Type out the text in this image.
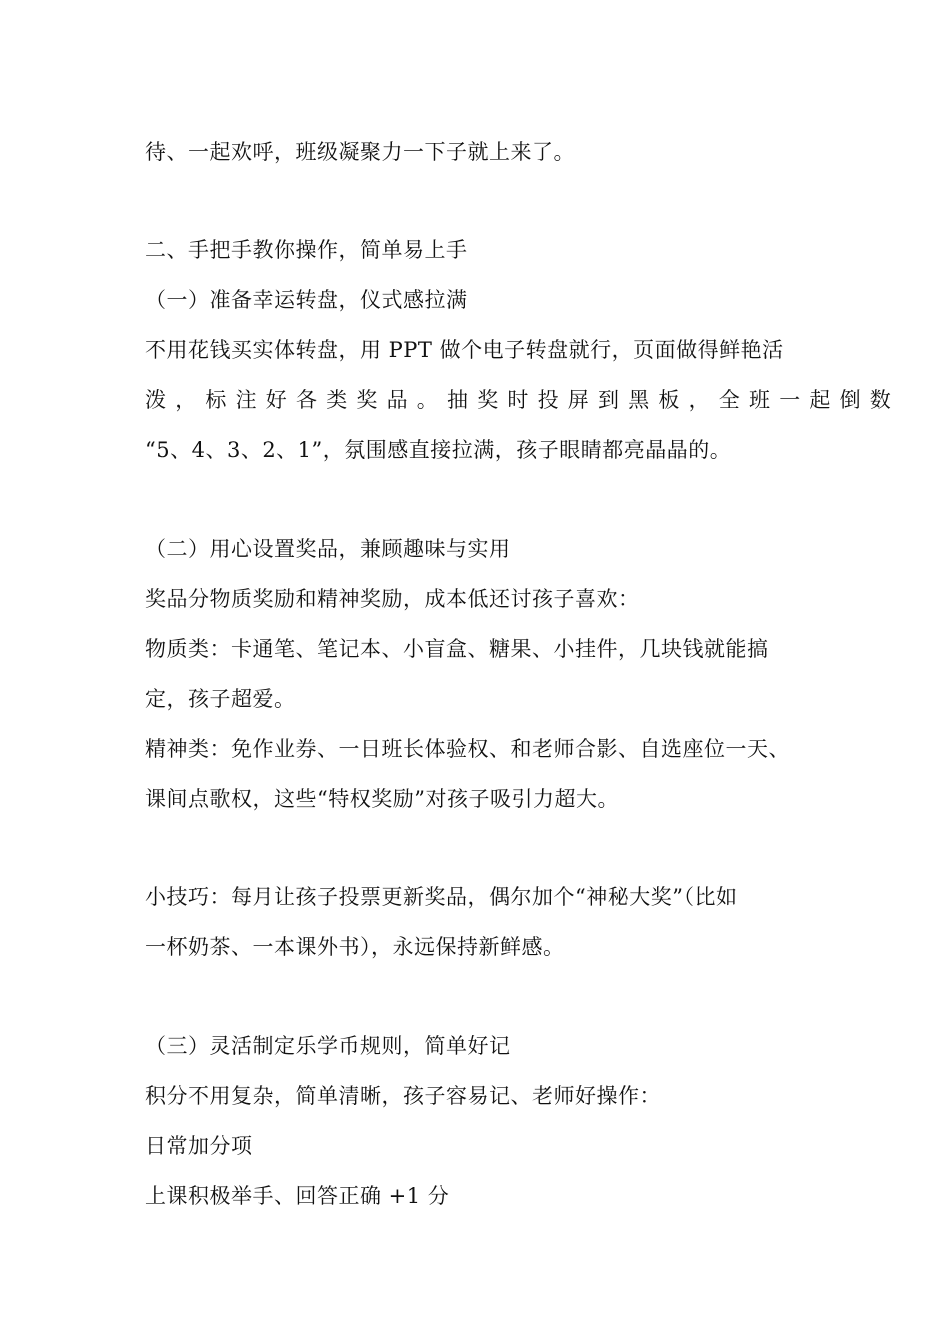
待、一起欢呼，班级凝聚力一下子就上来了。
二、手把手教你操作，简单易上手
（一）准备幸运转盘，仪式感拉满
不用花钱买实体转盘，用 PPT 做个电子转盘就行，页面做得鲜艳活
泼，标注好各类奖品。抽奖时投屏到黑板，全班一起倒数
“5、4、3、2、1”，氛围感直接拉满，孩子眼睛都亮晶晶的。
（二）用心设置奖品，兼顾趣味与实用
奖品分物质奖励和精神奖励，成本低还讨孩子喜欢：
物质类：卡通笔、笔记本、小盲盒、糖果、小挂件，几块钱就能搞
定，孩子超爱。
精神类：免作业券、一日班长体验权、和老师合影、自选座位一天、
课间点歌权，这些“特权奖励”对孩子吸引力超大。
小技巧：每月让孩子投票更新奖品，偶尔加个“神秘大奖”（比如
一杯奶茶、一本课外书），永远保持新鲜感。
（三）灵活制定乐学币规则，简单好记
积分不用复杂，简单清晰，孩子容易记、老师好操作：
日常加分项
上课积极举手、回答正确 +1 分
